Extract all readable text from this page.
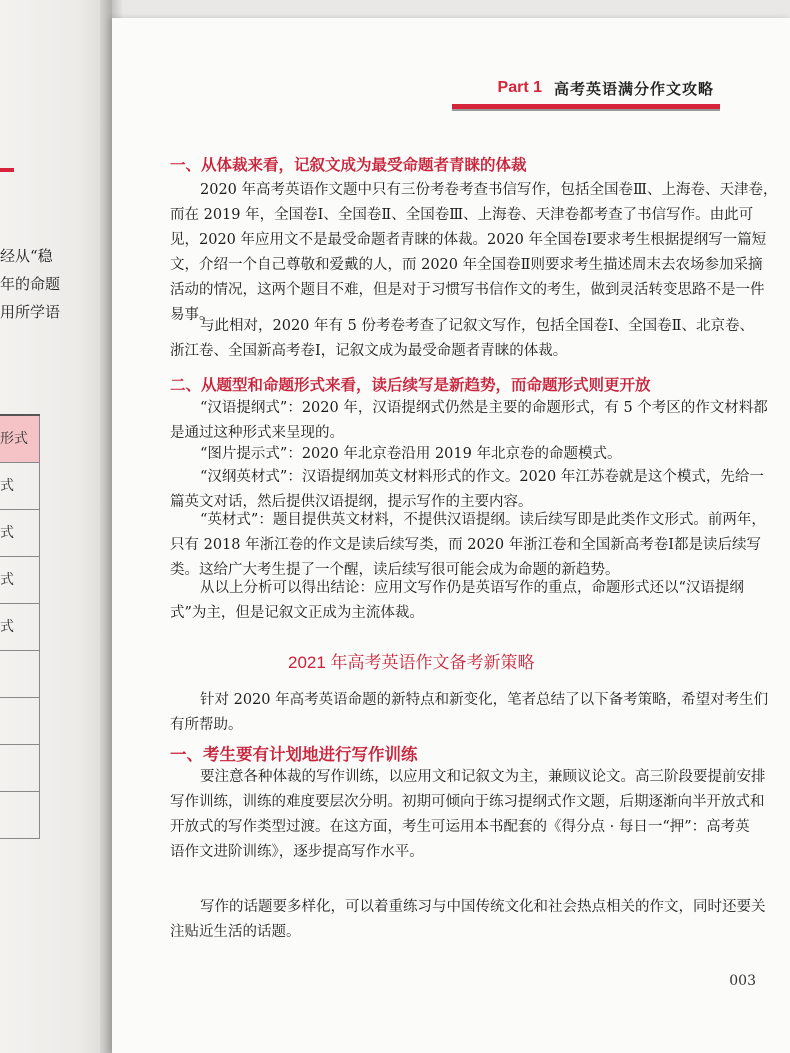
经从“稳
年的命题
用所学语
形式
式
式
式
式
Part 1 高考英语满分作文攻略
一、从体裁来看，记叙文成为最受命题者青睐的体裁
2020 年高考英语作文题中只有三份考卷考查书信写作，包括全国卷Ⅲ、上海卷、天津卷，
而在 2019 年，全国卷Ⅰ、全国卷Ⅱ、全国卷Ⅲ、上海卷、天津卷都考查了书信写作。由此可
见，2020 年应用文不是最受命题者青睐的体裁。2020 年全国卷Ⅰ要求考生根据提纲写一篇短
文，介绍一个自己尊敬和爱戴的人，而 2020 年全国卷Ⅱ则要求考生描述周末去农场参加采摘
活动的情况，这两个题目不难，但是对于习惯写书信作文的考生，做到灵活转变思路不是一件
易事。
与此相对，2020 年有 5 份考卷考查了记叙文写作，包括全国卷Ⅰ、全国卷Ⅱ、北京卷、
浙江卷、全国新高考卷Ⅰ，记叙文成为最受命题者青睐的体裁。
二、从题型和命题形式来看，读后续写是新趋势，而命题形式则更开放
“汉语提纲式”：2020 年，汉语提纲式仍然是主要的命题形式，有 5 个考区的作文材料都
是通过这种形式来呈现的。
“图片提示式”：2020 年北京卷沿用 2019 年北京卷的命题模式。
“汉纲英材式”：汉语提纲加英文材料形式的作文。2020 年江苏卷就是这个模式，先给一
篇英文对话，然后提供汉语提纲，提示写作的主要内容。
“英材式”：题目提供英文材料，不提供汉语提纲。读后续写即是此类作文形式。前两年，
只有 2018 年浙江卷的作文是读后续写类，而 2020 年浙江卷和全国新高考卷Ⅰ都是读后续写
类。这给广大考生提了一个醒，读后续写很可能会成为命题的新趋势。
从以上分析可以得出结论：应用文写作仍是英语写作的重点，命题形式还以“汉语提纲
式”为主，但是记叙文正成为主流体裁。
2021 年高考英语作文备考新策略
针对 2020 年高考英语命题的新特点和新变化，笔者总结了以下备考策略，希望对考生们
有所帮助。
一、考生要有计划地进行写作训练
要注意各种体裁的写作训练，以应用文和记叙文为主，兼顾议论文。高三阶段要提前安排
写作训练，训练的难度要层次分明。初期可倾向于练习提纲式作文题，后期逐渐向半开放式和
开放式的写作类型过渡。在这方面，考生可运用本书配套的《得分点 · 每日一“押”：高考英
语作文进阶训练》，逐步提高写作水平。
写作的话题要多样化，可以着重练习与中国传统文化和社会热点相关的作文，同时还要关
注贴近生活的话题。
003
